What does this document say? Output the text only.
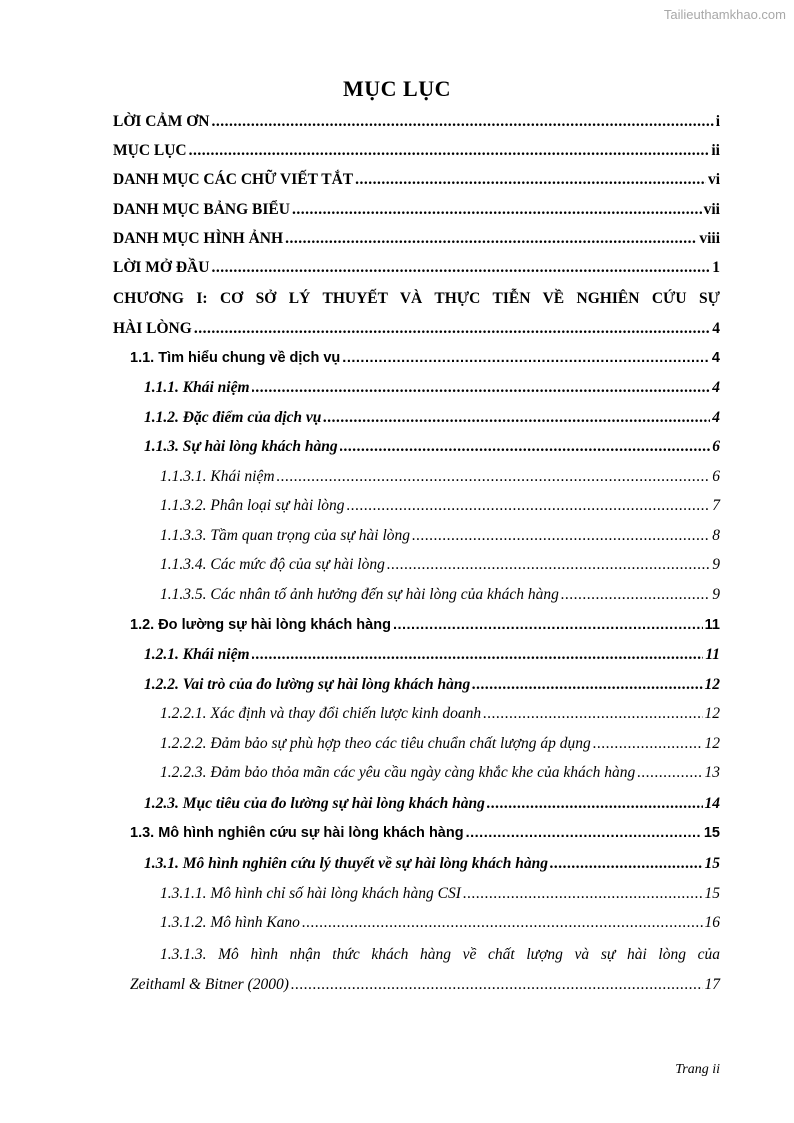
Tailieuthamkhao.com
MỤC LỤC
LỜI CẢM ƠN .....	i
MỤC LỤC .....	ii
DANH MỤC CÁC CHỮ VIẾT TẮT .....	vi
DANH MỤC BẢNG BIỂU .....	vii
DANH MỤC HÌNH ẢNH .....	viii
LỜI MỞ ĐẦU .....	1
CHƯƠNG I: CƠ SỞ LÝ THUYẾT VÀ THỰC TIỄN VỀ NGHIÊN CỨU SỰ
HÀI LÒNG .....	4
1.1. Tìm hiểu chung về dịch vụ .....	4
1.1.1. Khái niệm .....	4
1.1.2. Đặc điểm của dịch vụ .....	4
1.1.3. Sự hài lòng khách hàng .....	6
1.1.3.1. Khái niệm .....	6
1.1.3.2. Phân loại sự hài lòng .....	7
1.1.3.3. Tầm quan trọng của sự hài lòng .....	8
1.1.3.4. Các mức độ của sự hài lòng .....	9
1.1.3.5. Các nhân tố ảnh hưởng đến sự hài lòng của khách hàng .....	9
1.2. Đo lường sự hài lòng khách hàng .....	11
1.2.1. Khái niệm .....	11
1.2.2. Vai trò của đo lường sự hài lòng khách hàng .....	12
1.2.2.1. Xác định và thay đổi chiến lược kinh doanh .....	12
1.2.2.2. Đảm bảo sự phù hợp theo các tiêu chuẩn chất lượng áp dụng .....	12
1.2.2.3. Đảm bảo thỏa mãn các yêu cầu ngày càng khắc khe của khách hàng .....	13
1.2.3. Mục tiêu của đo lường sự hài lòng khách hàng .....	14
1.3. Mô hình nghiên cứu sự hài lòng khách hàng .....	15
1.3.1. Mô hình nghiên cứu lý thuyết về sự hài lòng khách hàng .....	15
1.3.1.1. Mô hình chỉ số hài lòng khách hàng CSI .....	15
1.3.1.2. Mô hình Kano .....	16
1.3.1.3. Mô hình nhận thức khách hàng về chất lượng và sự hài lòng của
Zeithaml & Bitner (2000) .....	17
Trang ii
